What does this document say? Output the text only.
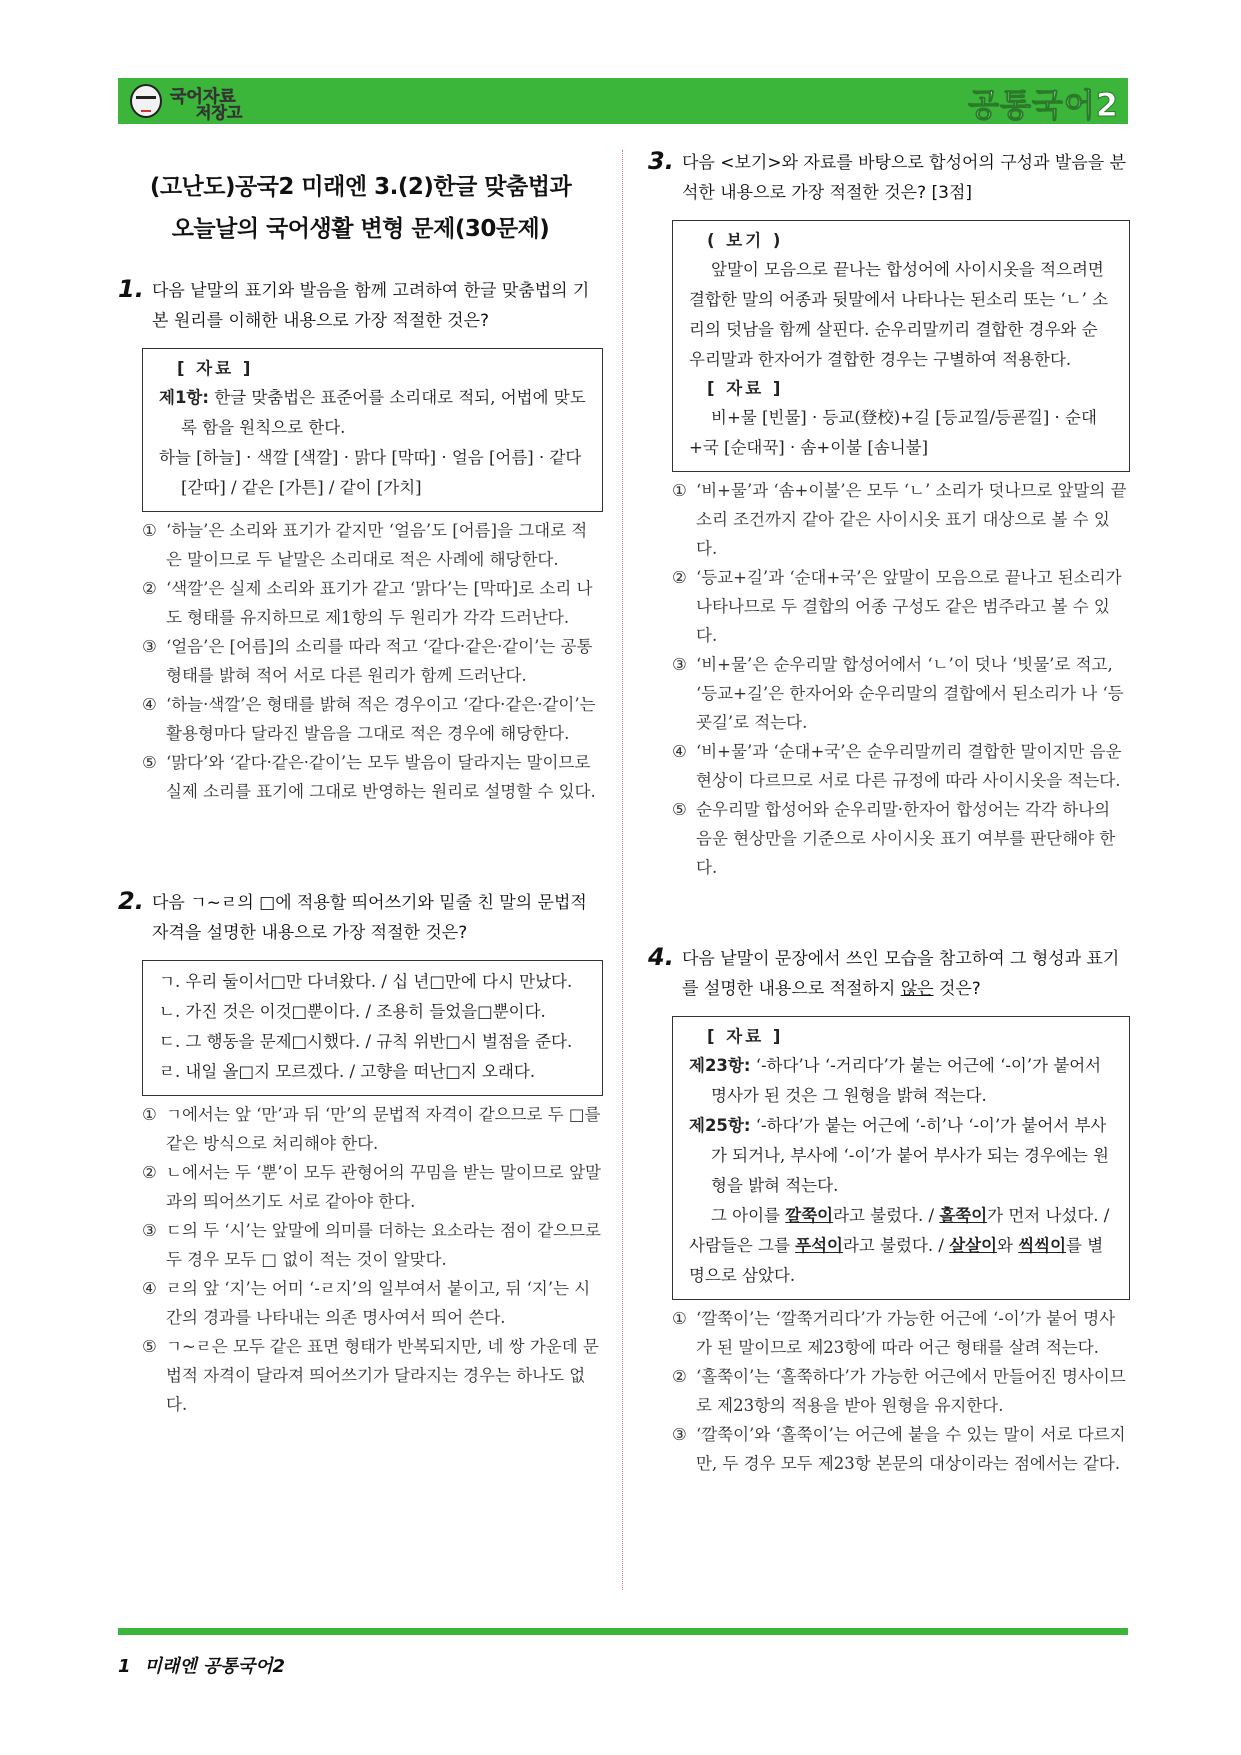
국어자료
저장고	공통국어2
(고난도)공국2 미래엔 3.(2)한글 맞춤법과
오늘날의 국어생활 변형 문제(30문제)
1. 다음 낱말의 표기와 발음을 함께 고려하여 한글 맞춤법의 기본 원리를 이해한 내용으로 가장 적절한 것은?
[ 자료 ]
제1항: 한글 맞춤법은 표준어를 소리대로 적되, 어법에 맞도록 함을 원칙으로 한다.
하늘 [하늘] · 색깔 [색깔] · 맑다 [막따] · 얼음 [어름] · 같다 [갇따] / 같은 [가튼] / 같이 [가치]
① ‘하늘’은 소리와 표기가 같지만 ‘얼음’도 [어름]을 그대로 적은 말이므로 두 낱말은 소리대로 적은 사례에 해당한다.
② ‘색깔’은 실제 소리와 표기가 같고 ‘맑다’는 [막따]로 소리 나도 형태를 유지하므로 제1항의 두 원리가 각각 드러난다.
③ ‘얼음’은 [어름]의 소리를 따라 적고 ‘같다·같은·같이’는 공통 형태를 밝혀 적어 서로 다른 원리가 함께 드러난다.
④ ‘하늘·색깔’은 형태를 밝혀 적은 경우이고 ‘같다·같은·같이’는 활용형마다 달라진 발음을 그대로 적은 경우에 해당한다.
⑤ ‘맑다’와 ‘같다·같은·같이’는 모두 발음이 달라지는 말이므로 실제 소리를 표기에 그대로 반영하는 원리로 설명할 수 있다.
2. 다음 ㄱ~ㄹ의 □에 적용할 띄어쓰기와 밑줄 친 말의 문법적 자격을 설명한 내용으로 가장 적절한 것은?
ㄱ. 우리 둘이서□만 다녀왔다. / 십 년□만에 다시 만났다.
ㄴ. 가진 것은 이것□뿐이다. / 조용히 들었을□뿐이다.
ㄷ. 그 행동을 문제□시했다. / 규칙 위반□시 벌점을 준다.
ㄹ. 내일 올□지 모르겠다. / 고향을 떠난□지 오래다.
① ㄱ에서는 앞 ‘만’과 뒤 ‘만’의 문법적 자격이 같으므로 두 □를 같은 방식으로 처리해야 한다.
② ㄴ에서는 두 ‘뿐’이 모두 관형어의 꾸밈을 받는 말이므로 앞말과의 띄어쓰기도 서로 같아야 한다.
③ ㄷ의 두 ‘시’는 앞말에 의미를 더하는 요소라는 점이 같으므로 두 경우 모두 □ 없이 적는 것이 알맞다.
④ ㄹ의 앞 ‘지’는 어미 ‘-ㄹ지’의 일부여서 붙이고, 뒤 ‘지’는 시간의 경과를 나타내는 의존 명사여서 띄어 쓴다.
⑤ ㄱ~ㄹ은 모두 같은 표면 형태가 반복되지만, 네 쌍 가운데 문법적 자격이 달라져 띄어쓰기가 달라지는 경우는 하나도 없다.
3. 다음 <보기>와 자료를 바탕으로 합성어의 구성과 발음을 분석한 내용으로 가장 적절한 것은? [3점]
( 보기 )
앞말이 모음으로 끝나는 합성어에 사이시옷을 적으려면 결합한 말의 어종과 뒷말에서 나타나는 된소리 또는 ‘ㄴ’ 소리의 덧남을 함께 살핀다. 순우리말끼리 결합한 경우와 순우리말과 한자어가 결합한 경우는 구별하여 적용한다.
[ 자료 ]
비+물 [빈물] · 등교(登校)+길 [등교낄/등굗낄] · 순대+국 [순대꾹] · 솜+이불 [솜니불]
① ‘비+물’과 ‘솜+이불’은 모두 ‘ㄴ’ 소리가 덧나므로 앞말의 끝소리 조건까지 같아 같은 사이시옷 표기 대상으로 볼 수 있다.
② ‘등교+길’과 ‘순대+국’은 앞말이 모음으로 끝나고 된소리가 나타나므로 두 결합의 어종 구성도 같은 범주라고 볼 수 있다.
③ ‘비+물’은 순우리말 합성어에서 ‘ㄴ’이 덧나 ‘빗물’로 적고, ‘등교+길’은 한자어와 순우리말의 결합에서 된소리가 나 ‘등굣길’로 적는다.
④ ‘비+물’과 ‘순대+국’은 순우리말끼리 결합한 말이지만 음운 현상이 다르므로 서로 다른 규정에 따라 사이시옷을 적는다.
⑤ 순우리말 합성어와 순우리말·한자어 합성어는 각각 하나의 음운 현상만을 기준으로 사이시옷 표기 여부를 판단해야 한다.
4. 다음 낱말이 문장에서 쓰인 모습을 참고하여 그 형성과 표기를 설명한 내용으로 적절하지 않은 것은?
[ 자료 ]
제23항: ‘-하다’나 ‘-거리다’가 붙는 어근에 ‘-이’가 붙어서 명사가 된 것은 그 원형을 밝혀 적는다.
제25항: ‘-하다’가 붙는 어근에 ‘-히’나 ‘-이’가 붙어서 부사가 되거나, 부사에 ‘-이’가 붙어 부사가 되는 경우에는 원형을 밝혀 적는다.
그 아이를 깔쭉이라고 불렀다. / 홀쭉이가 먼저 나섰다. / 사람들은 그를 푸석이라고 불렀다. / 살살이와 씩씩이를 별명으로 삼았다.
① ‘깔쭉이’는 ‘깔쭉거리다’가 가능한 어근에 ‘-이’가 붙어 명사가 된 말이므로 제23항에 따라 어근 형태를 살려 적는다.
② ‘홀쭉이’는 ‘홀쭉하다’가 가능한 어근에서 만들어진 명사이므로 제23항의 적용을 받아 원형을 유지한다.
③ ‘깔쭉이’와 ‘홀쭉이’는 어근에 붙을 수 있는 말이 서로 다르지만, 두 경우 모두 제23항 본문의 대상이라는 점에서는 같다.
1 미래엔 공통국어2
